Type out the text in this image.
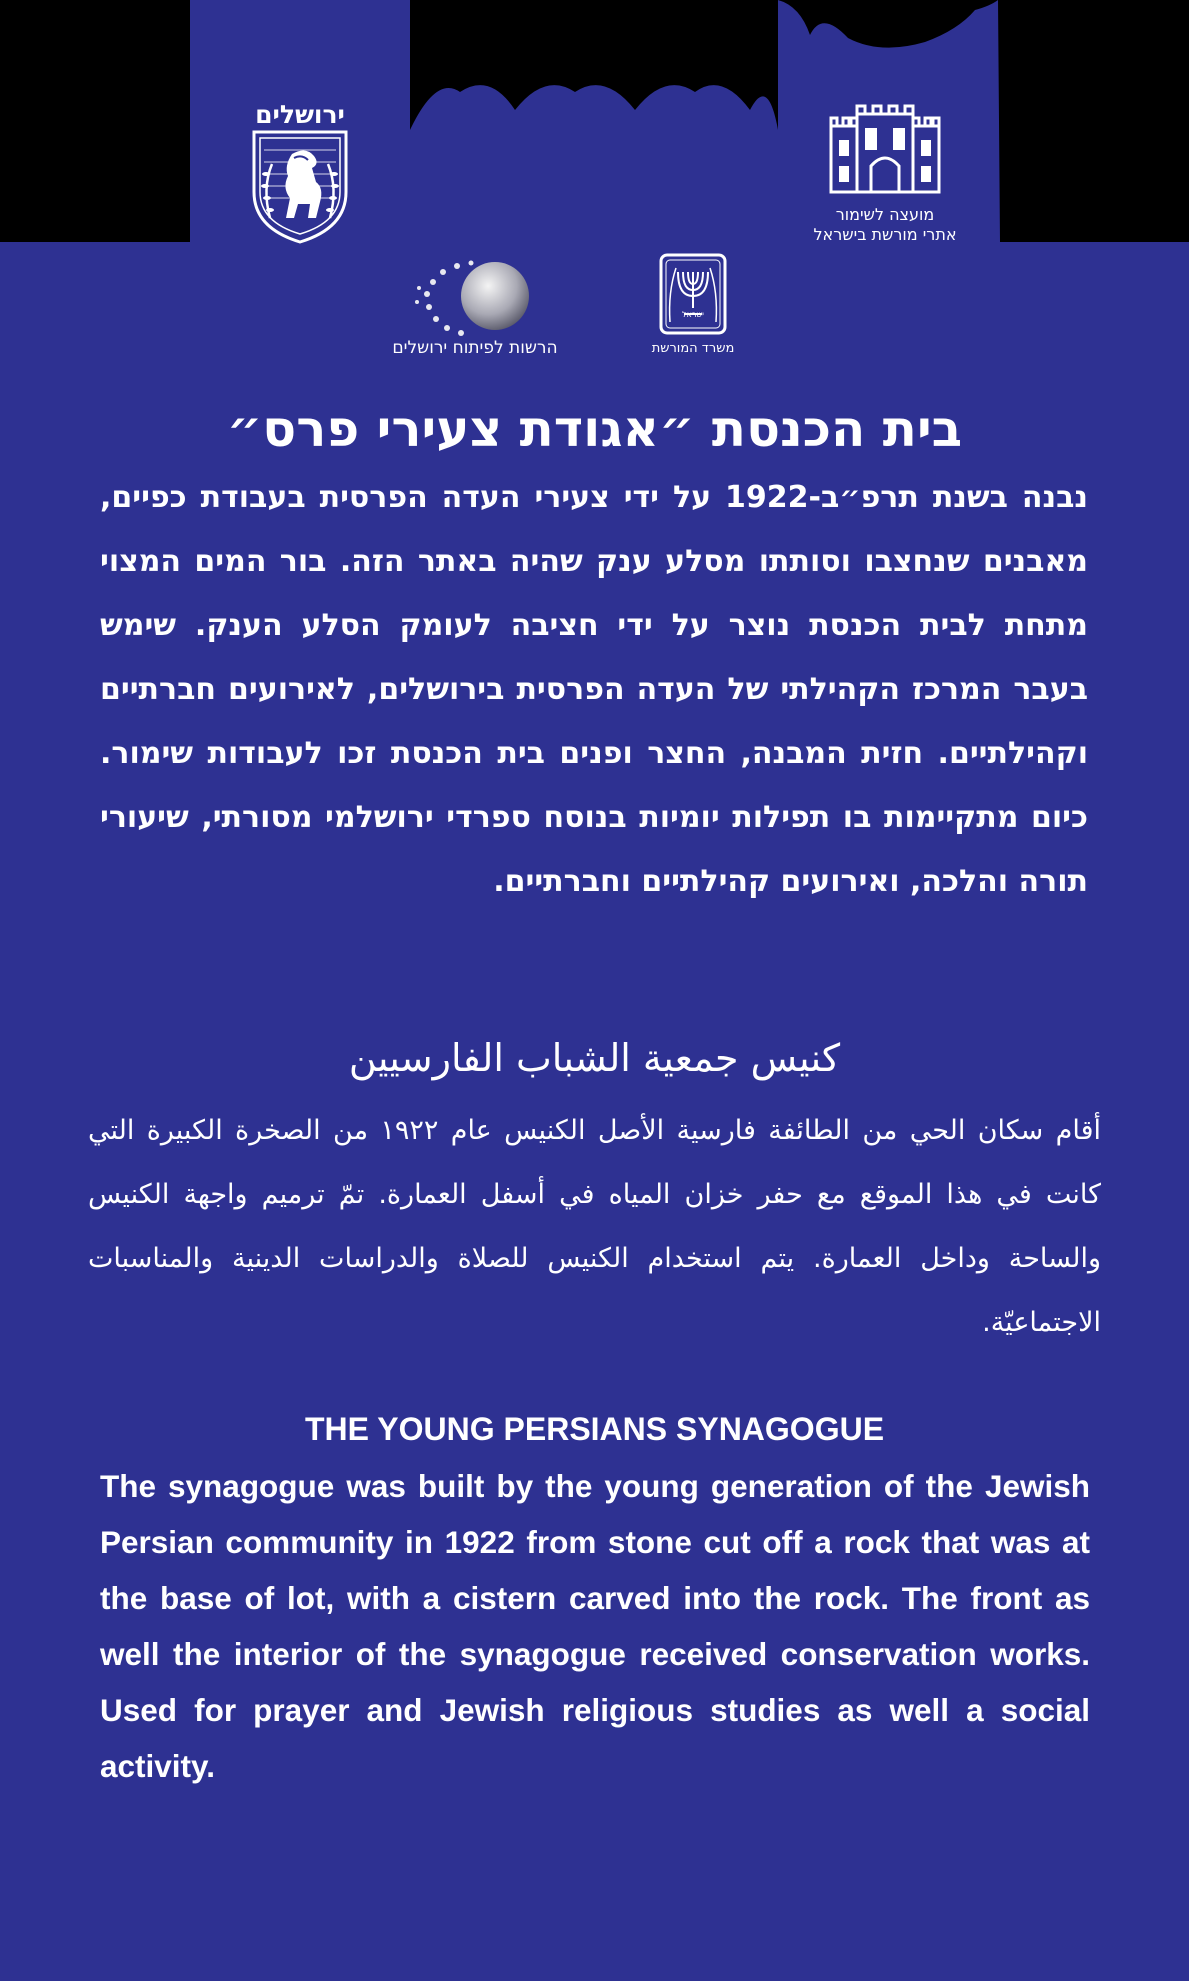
ירושלים
מועצה לשימור
אתרי מורשת בישראל
הרשות לפיתוח ירושלים
ישראל
משרד המורשת
בית הכנסת ״אגודת צעירי פרס״
נבנה בשנת תרפ״ב-1922 על ידי צעירי העדה הפרסית בעבודת כפיים, מאבנים שנחצבו וסותתו מסלע ענק שהיה באתר הזה. בור המים המצוי מתחת לבית הכנסת נוצר על ידי חציבה לעומק הסלע הענק. שימש בעבר המרכז הקהילתי של העדה הפרסית בירושלים, לאירועים חברתיים וקהילתיים. חזית המבנה, החצר ופנים בית הכנסת זכו לעבודות שימור. כיום מתקיימות בו תפילות יומיות בנוסח ספרדי ירושלמי מסורתי, שיעורי תורה והלכה, ואירועים קהילתיים וחברתיים.
كنيس جمعية الشباب الفارسيين
أقام سكان الحي من الطائفة فارسية الأصل الكنيس عام ١٩٢٢ من الصخرة الكبيرة التي كانت في هذا الموقع مع حفر خزان المياه في أسفل العمارة. تمّ ترميم واجهة الكنيس والساحة وداخل العمارة. يتم استخدام الكنيس للصلاة والدراسات الدينية والمناسبات الاجتماعيّة.
THE YOUNG PERSIANS SYNAGOGUE
The synagogue was built by the young generation of the Jewish Persian community in 1922 from stone cut off a rock that was at the base of lot, with a cistern carved into the rock. The front as well the interior of the synagogue received conservation works. Used for prayer and Jewish religious studies as well a social activity.
